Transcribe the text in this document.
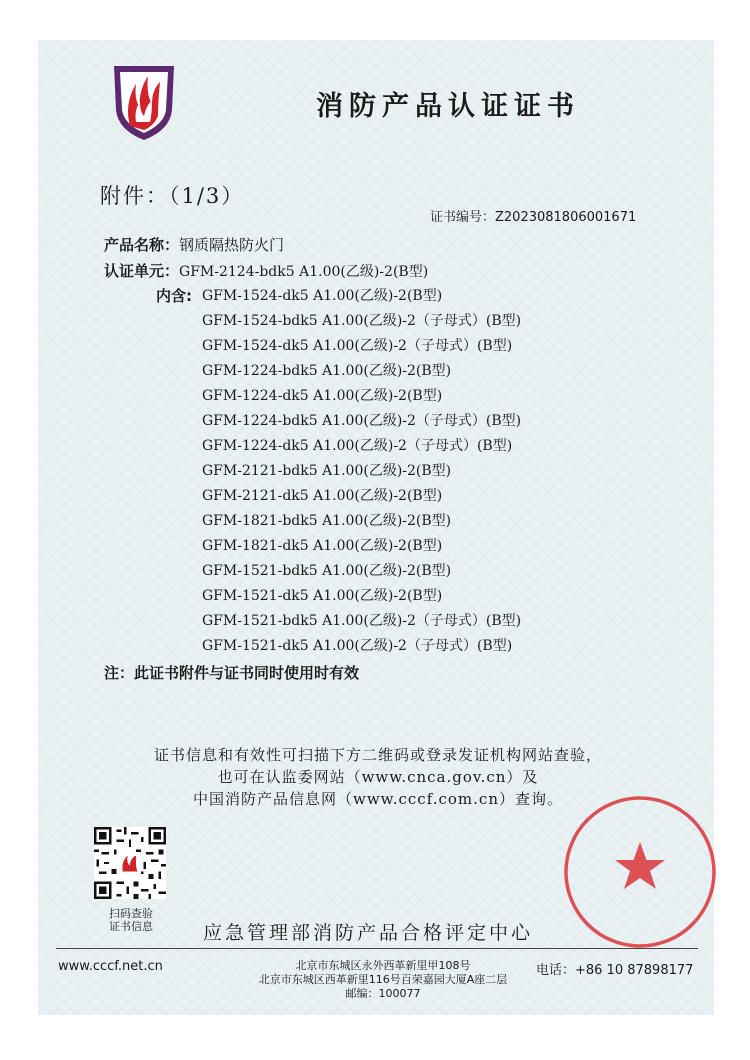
消防产品认证证书
附件：（1/3）
证书编号：Z2023081806001671
产品名称：钢质隔热防火门
认证单元：GFM-2124-bdk5 A1.00(乙级)-2(B型)
内含: GFM-1524-dk5 A1.00(乙级)-2(B型)
GFM-1524-bdk5 A1.00(乙级)-2（子母式）(B型)
GFM-1524-dk5 A1.00(乙级)-2（子母式）(B型)
GFM-1224-bdk5 A1.00(乙级)-2(B型)
GFM-1224-dk5 A1.00(乙级)-2(B型)
GFM-1224-bdk5 A1.00(乙级)-2（子母式）(B型)
GFM-1224-dk5 A1.00(乙级)-2（子母式）(B型)
GFM-2121-bdk5 A1.00(乙级)-2(B型)
GFM-2121-dk5 A1.00(乙级)-2(B型)
GFM-1821-bdk5 A1.00(乙级)-2(B型)
GFM-1821-dk5 A1.00(乙级)-2(B型)
GFM-1521-bdk5 A1.00(乙级)-2(B型)
GFM-1521-dk5 A1.00(乙级)-2(B型)
GFM-1521-bdk5 A1.00(乙级)-2（子母式）(B型)
GFM-1521-dk5 A1.00(乙级)-2（子母式）(B型)
注：此证书附件与证书同时使用时有效
证书信息和有效性可扫描下方二维码或登录发证机构网站查验，
也可在认监委网站（www.cnca.gov.cn）及
中国消防产品信息网（www.cccf.com.cn）查询。
扫码查验
证书信息	应急管理部消防产品合格评定中心
www.cccf.net.cn	北京市东城区永外西革新里甲108号
北京市东城区西革新里116号百荣嘉园大厦A座二层
邮编：100077
电话：+86 10 87898177
